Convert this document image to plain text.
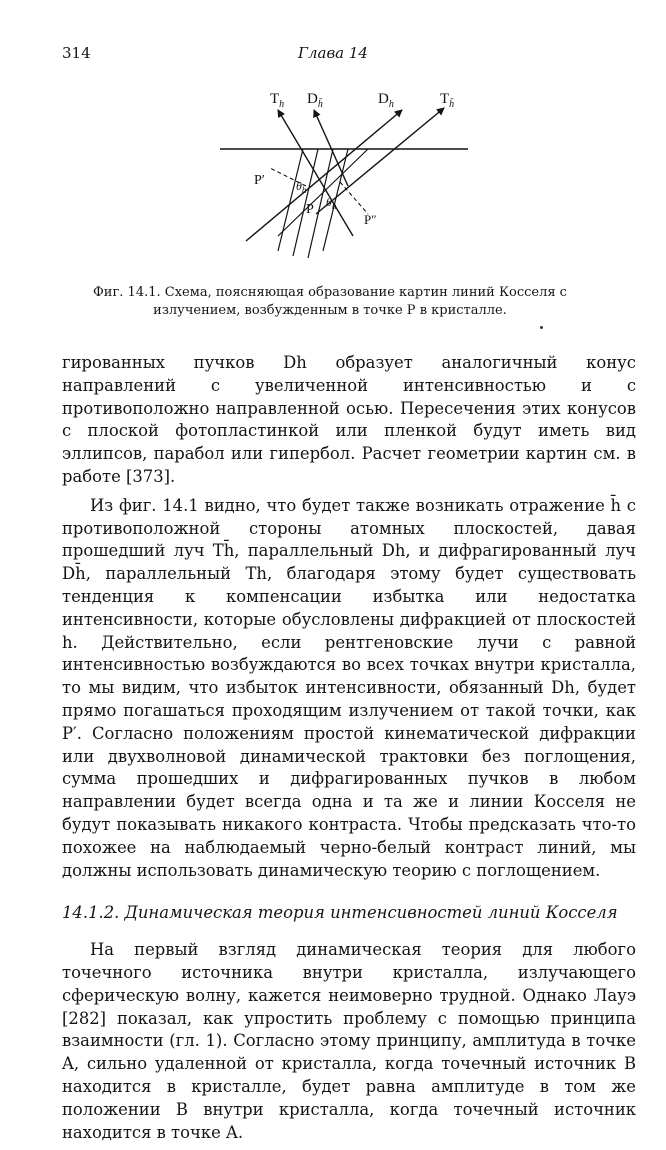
314	Глава 14
$T_h$ $D_{h̄}$	$D_h$	$T_{h̄}$
P′
P
P″
$\theta_h$
$\theta_h$
Фиг. 14.1. Схема, поясняющая образование картин линий Косселя с излучением, возбужденным в точке P в кристалле.

гированных пучков Dh образует аналогичный конус направлений с увеличенной интенсивностью и с противоположно направленной осью. Пересечения этих конусов с плоской фотопластинкой или пленкой будут иметь вид эллипсов, парабол или гипербол. Расчет геометрии картин см. в работе [373].

Из фиг. 14.1 видно, что будет также возникать отражение h̄ с противоположной стороны атомных плоскостей, давая прошедший луч Th̄, параллельный Dh, и дифрагированный луч Dh̄, параллельный Th, благодаря этому будет существовать тенденция к компенсации избытка или недостатка интенсивности, которые обусловлены дифракцией от плоскостей h. Действительно, если рентгеновские лучи с равной интенсивностью возбуждаются во всех точках внутри кристалла, то мы видим, что избыток интенсивности, обязанный Dh, будет прямо погашаться проходящим излучением от такой точки, как P′. Согласно положениям простой кинематической дифракции или двухволновой динамической трактовки без поглощения, сумма прошедших и дифрагированных пучков в любом направлении будет всегда одна и та же и линии Косселя не будут показывать никакого контраста. Чтобы предсказать что-то похожее на наблюдаемый черно-белый контраст линий, мы должны использовать динамическую теорию с поглощением.

14.1.2. Динамическая теория интенсивностей линий Косселя

На первый взгляд динамическая теория для любого точечного источника внутри кристалла, излучающего сферическую волну, кажется неимоверно трудной. Однако Лауэ [282] показал, как упростить проблему с помощью принципа взаимности (гл. 1). Согласно этому принципу, амплитуда в точке A, сильно удаленной от кристалла, когда точечный источник B находится в кристалле, будет равна амплитуде в том же положении B внутри кристалла, когда точечный источник находится в точке A.
